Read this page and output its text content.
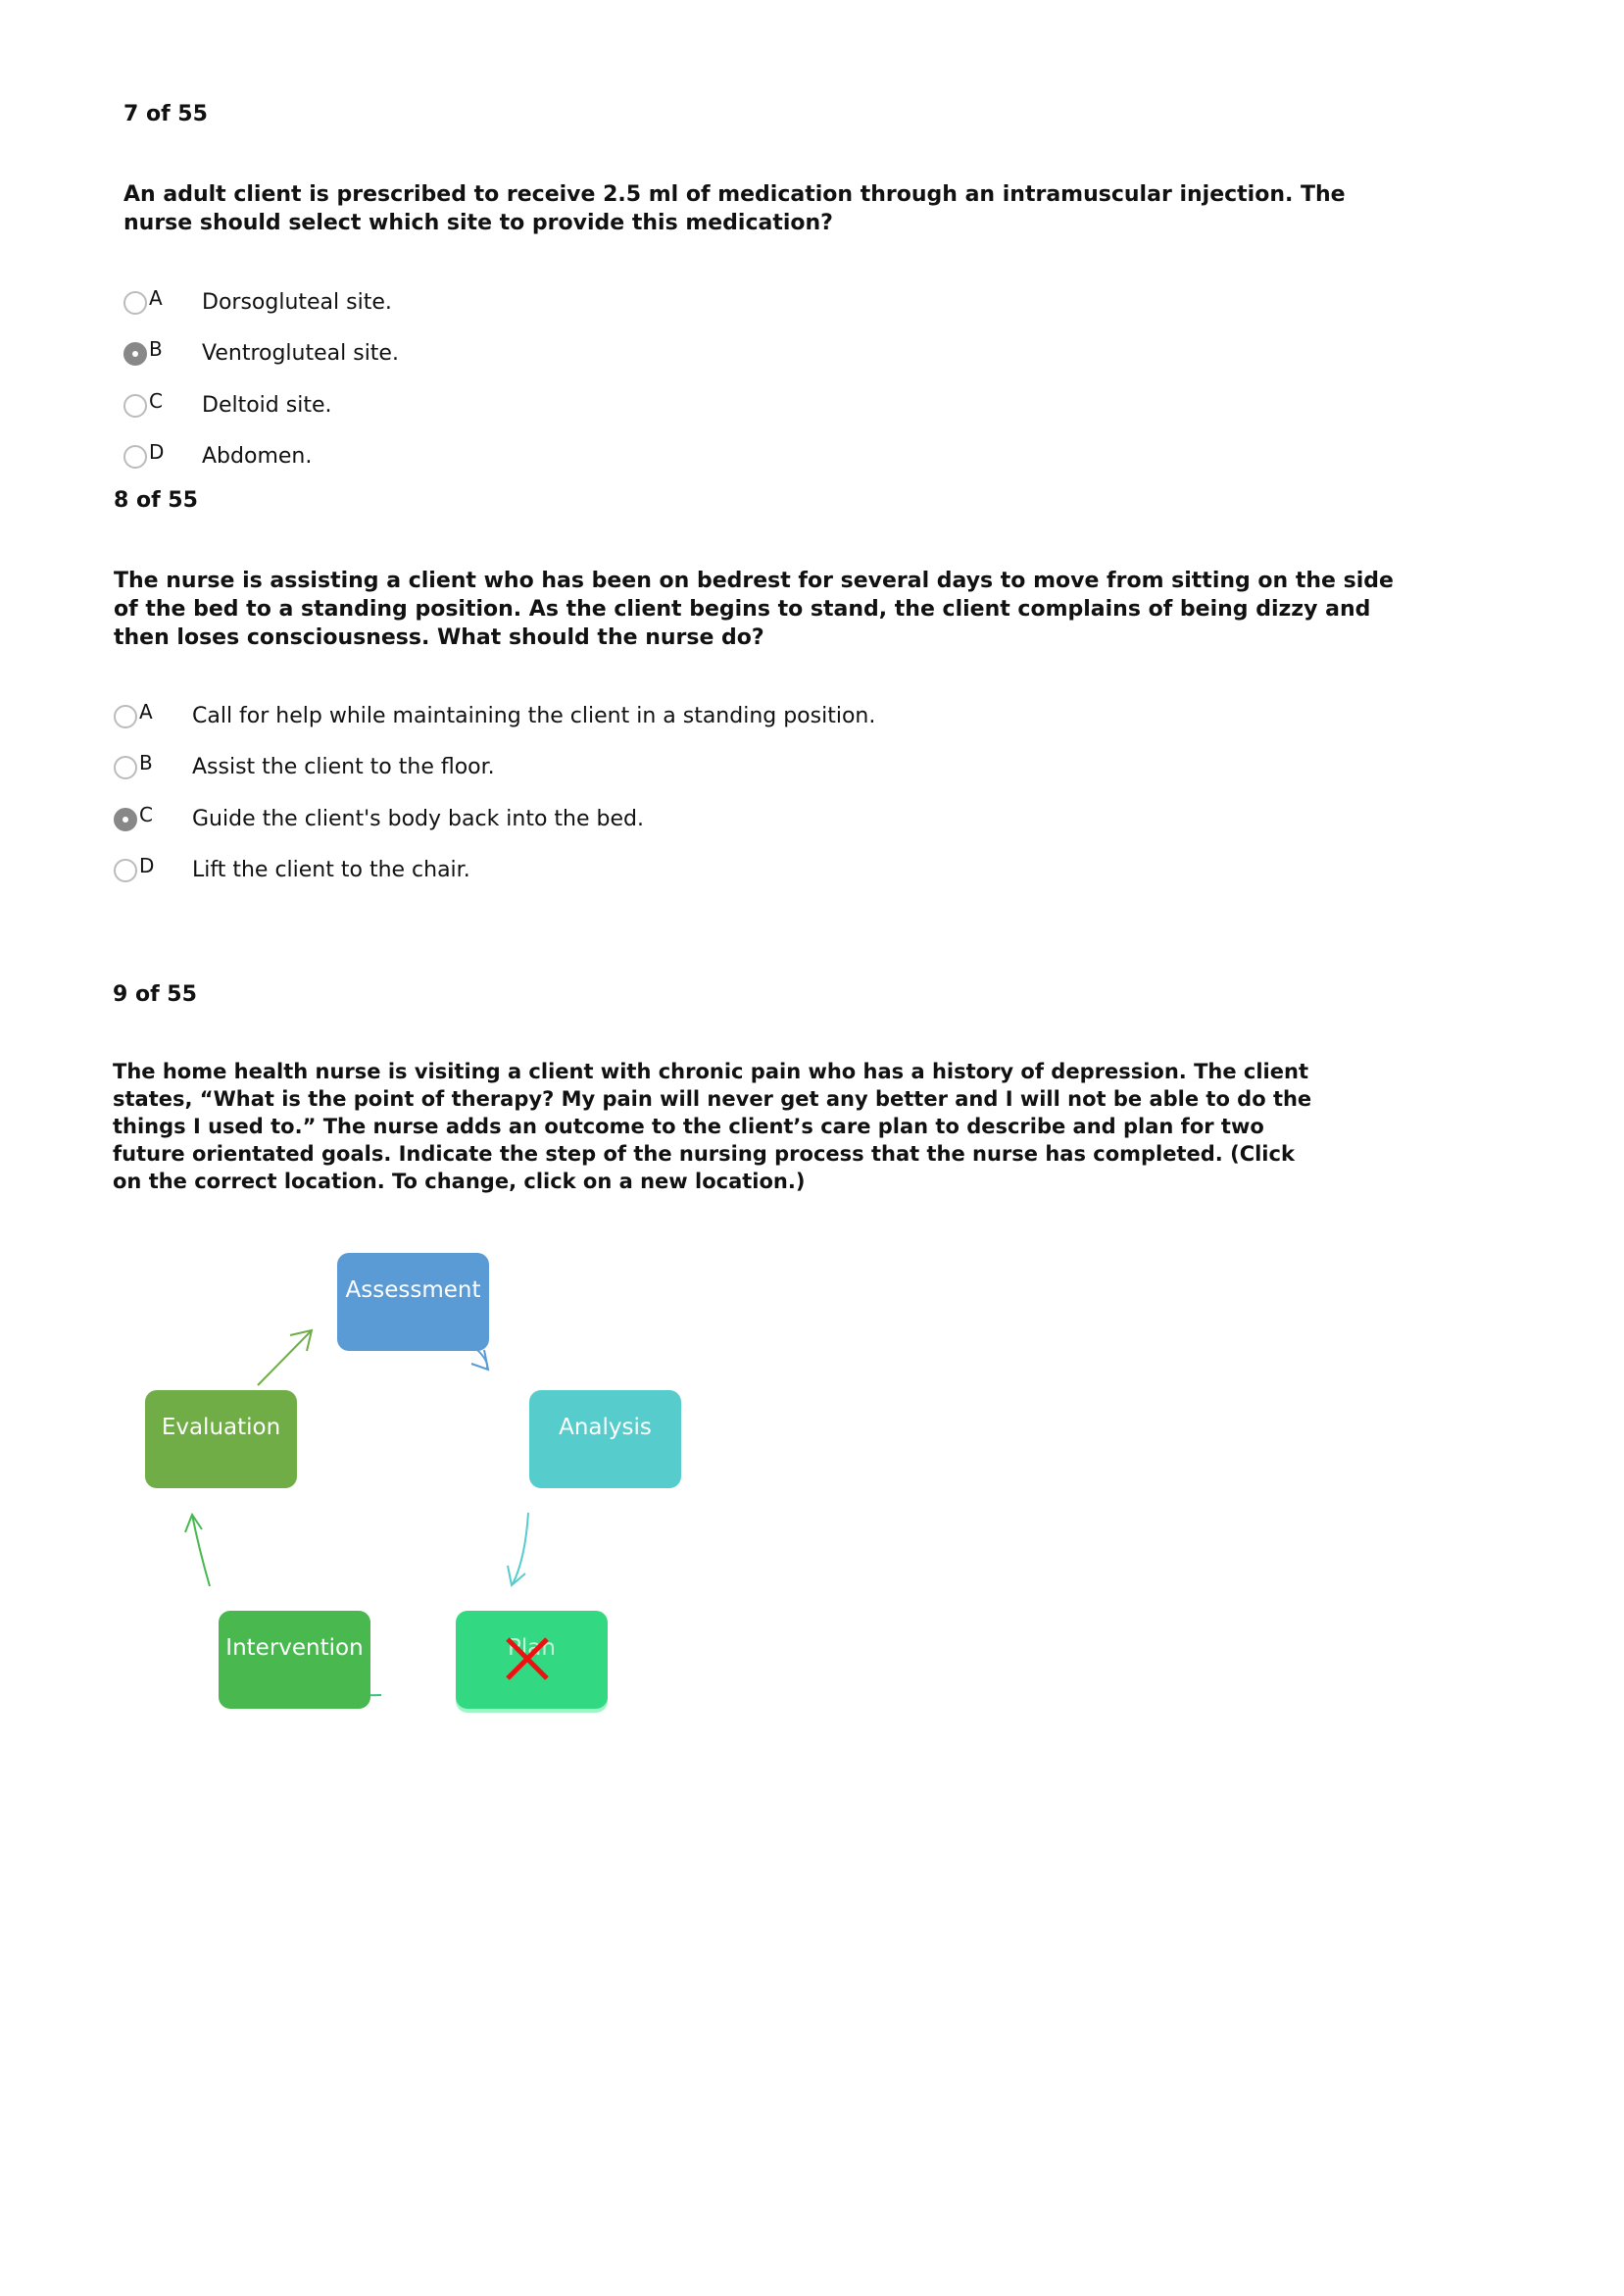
7 of 55
An adult client is prescribed to receive 2.5 ml of medication through an intramuscular injection. The nurse should select which site to provide this medication?
A	Dorsogluteal site.
B	Ventrogluteal site.
C	Deltoid site.
D	Abdomen.
8 of 55
The nurse is assisting a client who has been on bedrest for several days to move from sitting on the side of the bed to a standing position. As the client begins to stand, the client complains of being dizzy and then loses consciousness. What should the nurse do?
A	Call for help while maintaining the client in a standing position.
B	Assist the client to the floor.
C	Guide the client's body back into the bed.
D	Lift the client to the chair.
9 of 55
The home health nurse is visiting a client with chronic pain who has a history of depression. The client states, “What is the point of therapy? My pain will never get any better and I will not be able to do the things I used to.” The nurse adds an outcome to the client’s care plan to describe and plan for two future orientated goals. Indicate the step of the nursing process that the nurse has completed. (Click on the correct location. To change, click on a new location.)
Assessment
Analysis
Evaluation
Intervention	Plan
